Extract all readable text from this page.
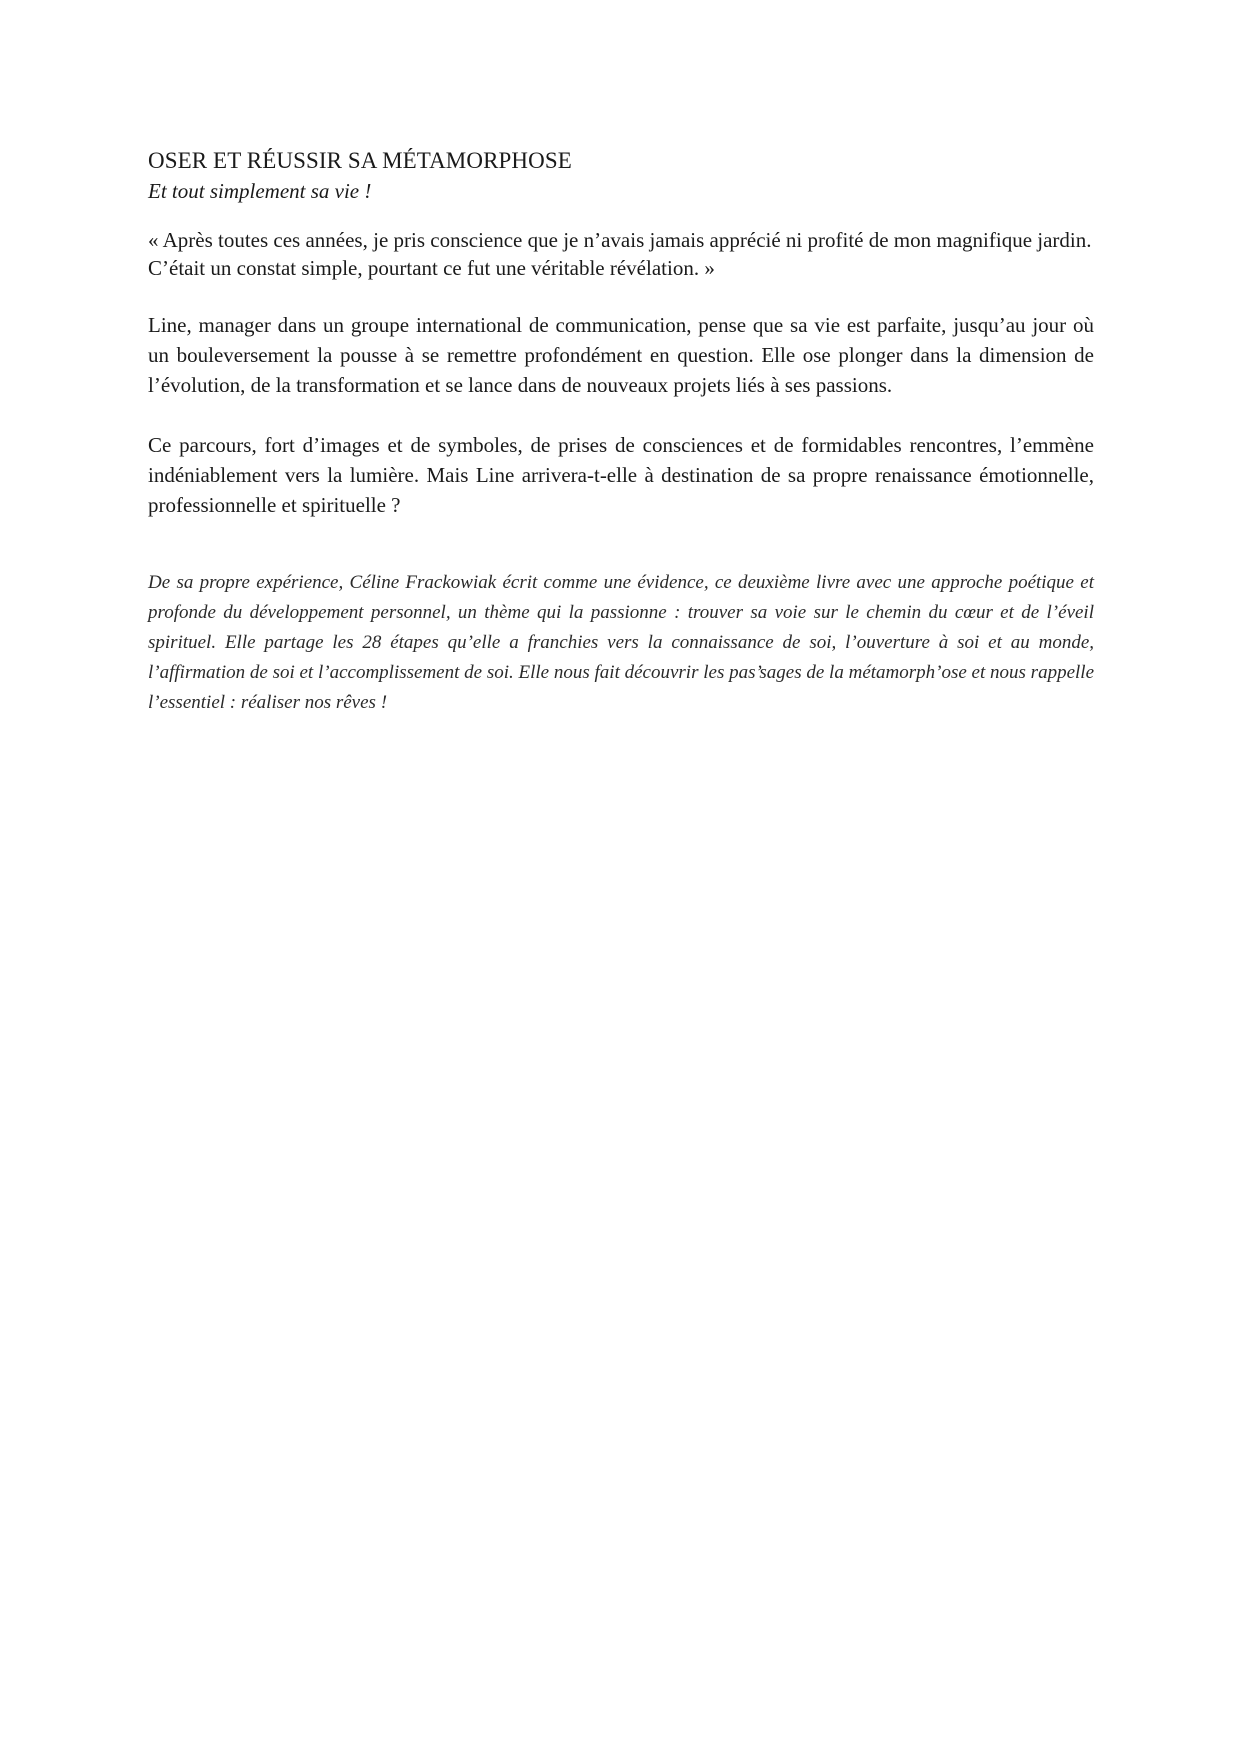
OSER ET RÉUSSIR SA MÉTAMORPHOSE

Et tout simplement sa vie !

« Après toutes ces années, je pris conscience que je n’avais jamais apprécié ni profité de mon magnifique jardin. C’était un constat simple, pourtant ce fut une véritable révélation. »

Line, manager dans un groupe international de communication, pense que sa vie est parfaite, jusqu’au jour où un bouleversement la pousse à se remettre profondément en question. Elle ose plonger dans la dimension de l’évolution, de la transformation et se lance dans de nouveaux projets liés à ses passions.

Ce parcours, fort d’images et de symboles, de prises de consciences et de formidables rencontres, l’emmène indéniablement vers la lumière. Mais Line arrivera-t-elle à destination de sa propre renaissance émotionnelle, professionnelle et spirituelle ?

De sa propre expérience, Céline Frackowiak écrit comme une évidence, ce deuxième livre avec une approche poétique et profonde du développement personnel, un thème qui la passionne : trouver sa voie sur le chemin du cœur et de l’éveil spirituel. Elle partage les 28 étapes qu’elle a franchies vers la connaissance de soi, l’ouverture à soi et au monde, l’affirmation de soi et l’accomplissement de soi. Elle nous fait découvrir les pas’sages de la métamorph’ose et nous rappelle l’essentiel : réaliser nos rêves !
